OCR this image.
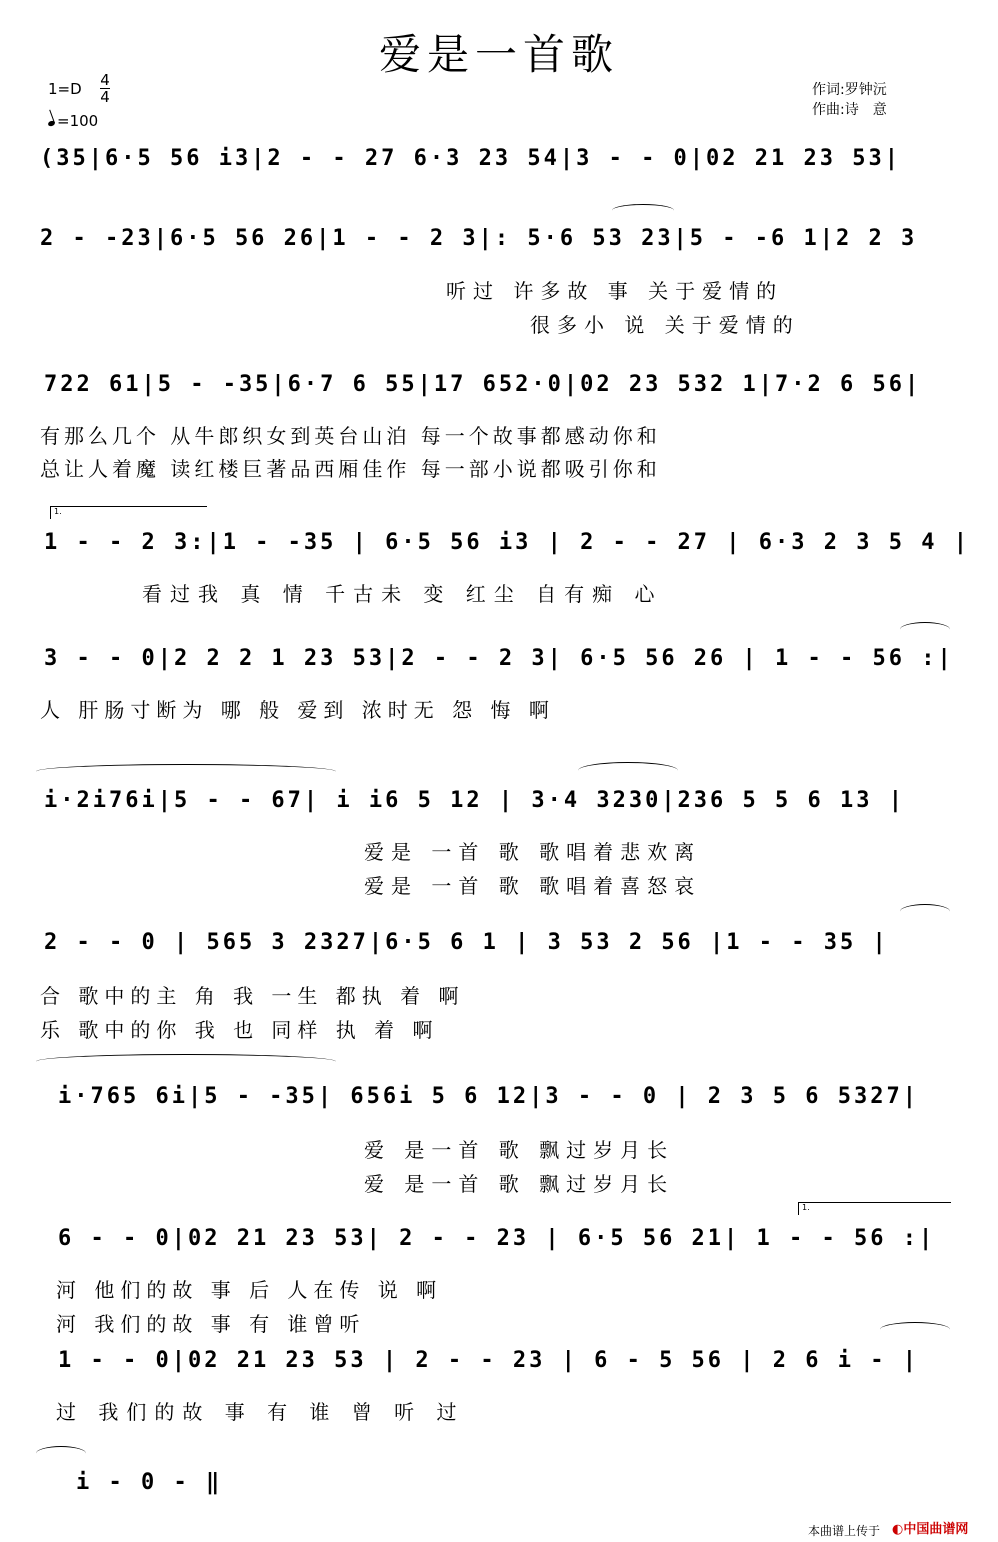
爱是一首歌
1=D 4
4
=100
作词:罗钟沅
作曲:诗　意
(35|6·5 56 i3|2 - - 27 6·3 23 54|3 - - 0|02 21 23 53|
2 - -23|6·5 56 26|1 - - 2 3|: 5·6 53 23|5 - -6 1|2 2 3
听过 许多故 事 关于爱情的
很多小 说 关于爱情的
722 61|5 - -35|6·7 6 55|17 652·0|02 23 532 1|7·2 6 56|
有那么几个 从牛郎织女到英台山泊 每一个故事都感动你和
总让人着魔 读红楼巨著品西厢佳作 每一部小说都吸引你和
1.
1 - - 2 3:|1 - -35 | 6·5 56 i3 | 2 - - 27 | 6·3 2 3 5 4 |
看过我 真 情 千古未 变 红尘 自有痴 心
3 - - 0|2 2 2 1 23 53|2 - - 2 3| 6·5 56 26 | 1 - - 56 :|
人 肝肠寸断为 哪 般 爱到 浓时无 怨 悔 啊
i·2i76i|5 - - 67| i i6 5 12 | 3·4 3230|236 5 5 6 13 |
爱是 一首 歌 歌唱着悲欢离
爱是 一首 歌 歌唱着喜怒哀
2 - - 0 | 565 3 2327|6·5 6 1 | 3 53 2 56 |1 - - 35 |
合 歌中的主 角 我 一生 都执 着 啊
乐 歌中的你 我 也 同样 执 着 啊
i·765 6i|5 - -35| 656i 5 6 12|3 - - 0 | 2 3 5 6 5327|
爱 是一首 歌 飘过岁月长
爱 是一首 歌 飘过岁月长
1.
6 - - 0|02 21 23 53| 2 - - 23 | 6·5 56 21| 1 - - 56 :|
河 他们的故 事 后 人在传 说 啊
河 我们的故 事 有 谁曾听
1 - - 0|02 21 23 53 | 2 - - 23 | 6 - 5 56 | 2 6 i - |
过 我们的故 事 有 谁 曾 听 过
i - 0 - ‖
本曲谱上传于 ◐中国曲谱网
